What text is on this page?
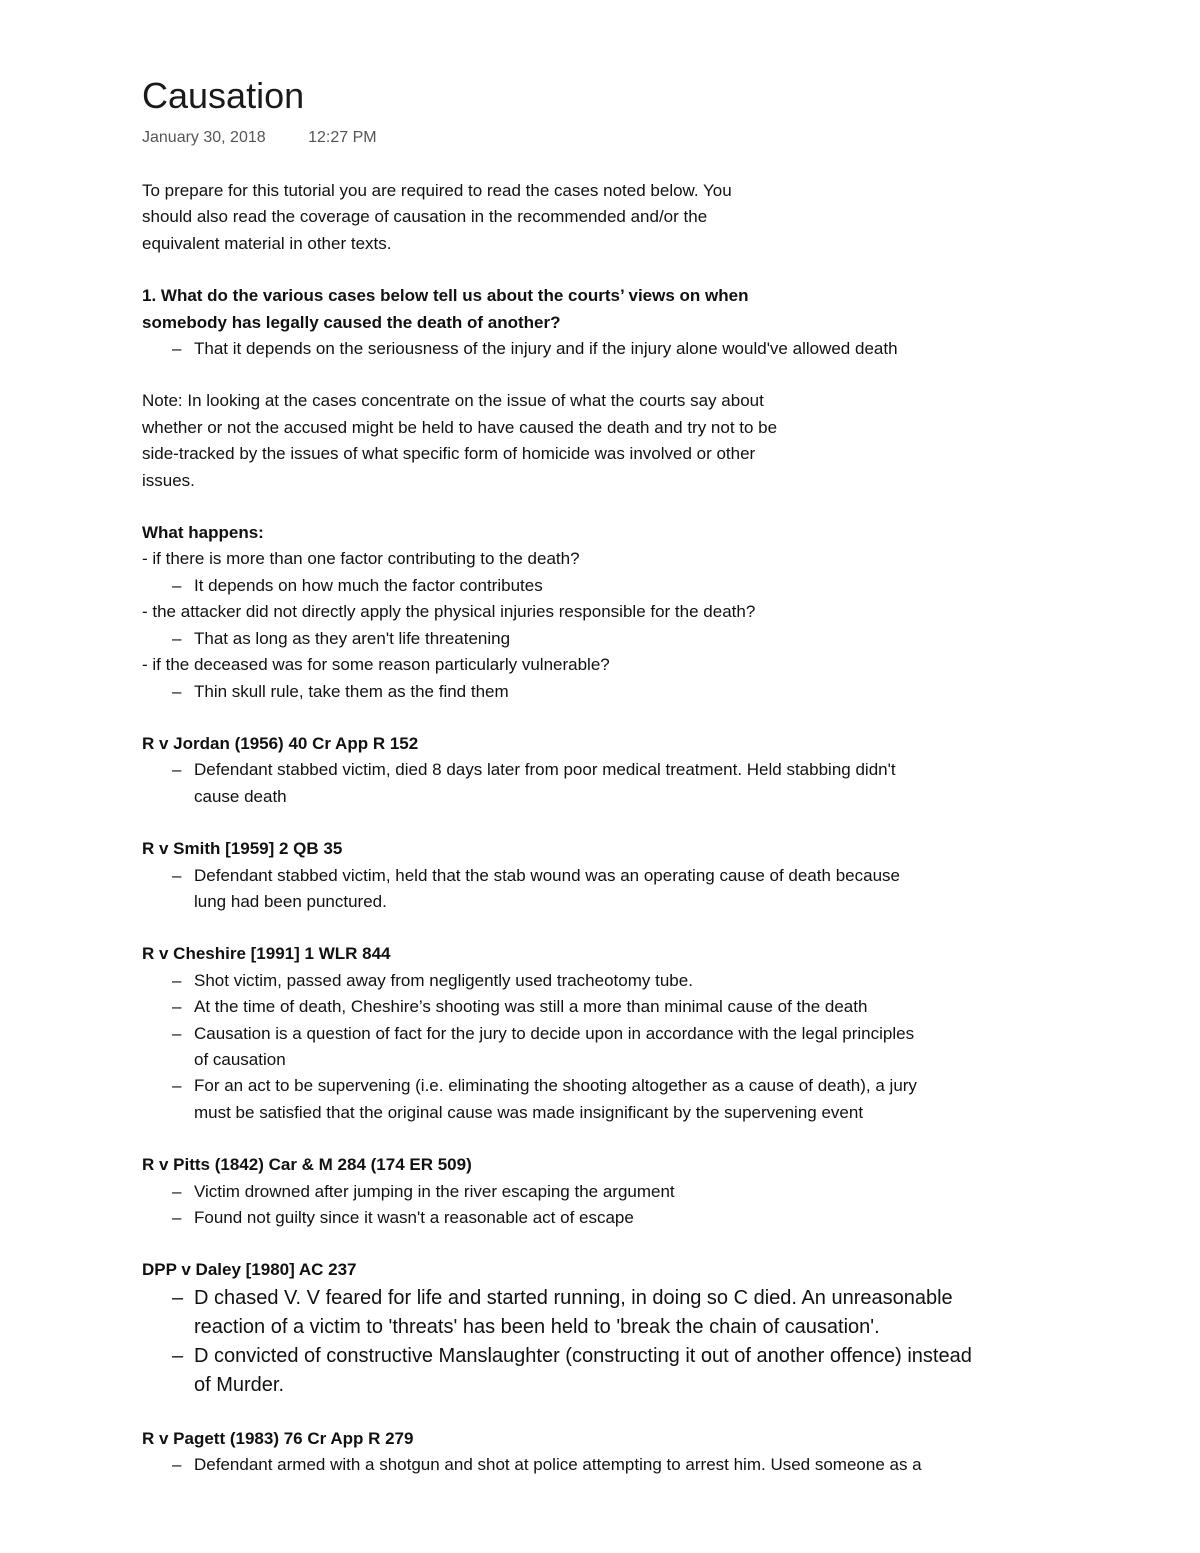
Causation
January 30, 2018	12:27 PM

To prepare for this tutorial you are required to read the cases noted below. You

should also read the coverage of causation in the recommended and/or the

equivalent material in other texts.

1. What do the various cases below tell us about the courts’ views on when

somebody has legally caused the death of another?

– That it depends on the seriousness of the injury and if the injury alone would've allowed death

Note: In looking at the cases concentrate on the issue of what the courts say about

whether or not the accused might be held to have caused the death and try not to be

side-tracked by the issues of what specific form of homicide was involved or other

issues.

What happens:

- if there is more than one factor contributing to the death?

– It depends on how much the factor contributes

- the attacker did not directly apply the physical injuries responsible for the death?

– That as long as they aren't life threatening

- if the deceased was for some reason particularly vulnerable?

– Thin skull rule, take them as the find them

R v Jordan (1956) 40 Cr App R 152

– Defendant stabbed victim, died 8 days later from poor medical treatment. Held stabbing didn't
cause death

R v Smith [1959] 2 QB 35

– Defendant stabbed victim, held that the stab wound was an operating cause of death because
lung had been punctured.

R v Cheshire [1991] 1 WLR 844

– Shot victim, passed away from negligently used tracheotomy tube.
– At the time of death, Cheshire’s shooting was still a more than minimal cause of the death
– Causation is a question of fact for the jury to decide upon in accordance with the legal principles
of causation
– For an act to be supervening (i.e. eliminating the shooting altogether as a cause of death), a jury
must be satisfied that the original cause was made insignificant by the supervening event

R v Pitts (1842) Car & M 284 (174 ER 509)

– Victim drowned after jumping in the river escaping the argument
– Found not guilty since it wasn't a reasonable act of escape

DPP v Daley [1980] AC 237

– D chased V. V feared for life and started running, in doing so C died. An unreasonable
reaction of a victim to 'threats' has been held to 'break the chain of causation'.
– D convicted of constructive Manslaughter (constructing it out of another offence) instead
of Murder.

R v Pagett (1983) 76 Cr App R 279

– Defendant armed with a shotgun and shot at police attempting to arrest him. Used someone as a
